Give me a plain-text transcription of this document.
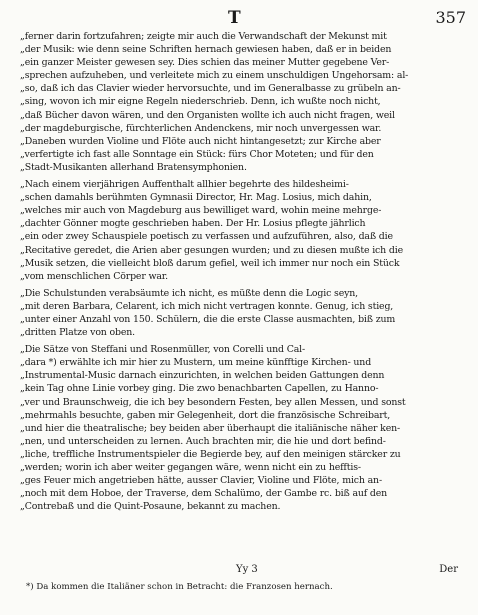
T	357
„ferner darin fortzufahren; zeigte mir auch die Verwandschaft der Mekunst mit
„der Musik: wie denn seine Schriften hernach gewiesen haben, daß er in beiden
„ein ganzer Meister gewesen sey. Dies schien das meiner Mutter gegebene Ver-
„sprechen aufzuheben, und verleitete mich zu einem unschuldigen Ungehorsam: al-
„so, daß ich das Clavier wieder hervorsuchte, und im Generalbasse zu grübeln an-
„sing, wovon ich mir eigne Regeln niederschrieb. Denn, ich wußte noch nicht,
„daß Bücher davon wären, und den Organisten wollte ich auch nicht fragen, weil
„der magdeburgische, fürchterlichen Andenckens, mir noch unvergessen war.
„Daneben wurden Violine und Flöte auch nicht hintangesetzt; zur Kirche aber
„verfertigte ich fast alle Sonntage ein Stück: fürs Chor Moteten; und für den
„Stadt-Musikanten allerhand Bratensymphonien.
„Nach einem vierjährigen Auffenthalt allhier begehrte des hildesheimi-
„schen damahls berühmten Gymnasii Director, Hr. Mag. Losius, mich dahin,
„welches mir auch von Magdeburg aus bewilliget ward, wohin meine mehrge-
„dachter Gönner mogte geschrieben haben. Der Hr. Losius pflegte jährlich
„ein oder zwey Schauspiele poetisch zu verfassen und aufzuführen, also, daß die
„Recitative geredet, die Arien aber gesungen wurden; und zu diesen mußte ich die
„Musik setzen, die vielleicht bloß darum gefiel, weil ich immer nur noch ein Stück
„vom menschlichen Cörper war.
„Die Schulstunden verabsäumte ich nicht, es müßte denn die Logic seyn,
„mit deren Barbara, Celarent, ich mich nicht vertragen konnte. Genug, ich stieg,
„unter einer Anzahl von 150. Schülern, die die erste Classe ausmachten, biß zum
„dritten Platze von oben.
„Die Sätze von Steffani und Rosenmüller, von Corelli und Cal-
„dara *) erwählte ich mir hier zu Mustern, um meine künfftige Kirchen- und
„Instrumental-Music darnach einzurichten, in welchen beiden Gattungen denn
„kein Tag ohne Linie vorbey ging. Die zwo benachbarten Capellen, zu Hanno-
„ver und Braunschweig, die ich bey besondern Festen, bey allen Messen, und sonst
„mehrmahls besuchte, gaben mir Gelegenheit, dort die französische Schreibart,
„und hier die theatralische; bey beiden aber überhaupt die italiänische näher ken-
„nen, und unterscheiden zu lernen. Auch brachten mir, die hie und dort befind-
„liche, treffliche Instrumentspieler die Begierde bey, auf den meinigen stärcker zu
„werden; worin ich aber weiter gegangen wäre, wenn nicht ein zu hefftis-
„ges Feuer mich angetrieben hätte, ausser Clavier, Violine und Flöte, mich an-
„noch mit dem Hoboe, der Traverse, dem Schalümo, der Gambe rc. biß auf den
„Contrebaß und die Quint-Posaune, bekannt zu machen.
Yy 3	Der
*) Da kommen die Italiäner schon in Betracht: die Franzosen hernach.
